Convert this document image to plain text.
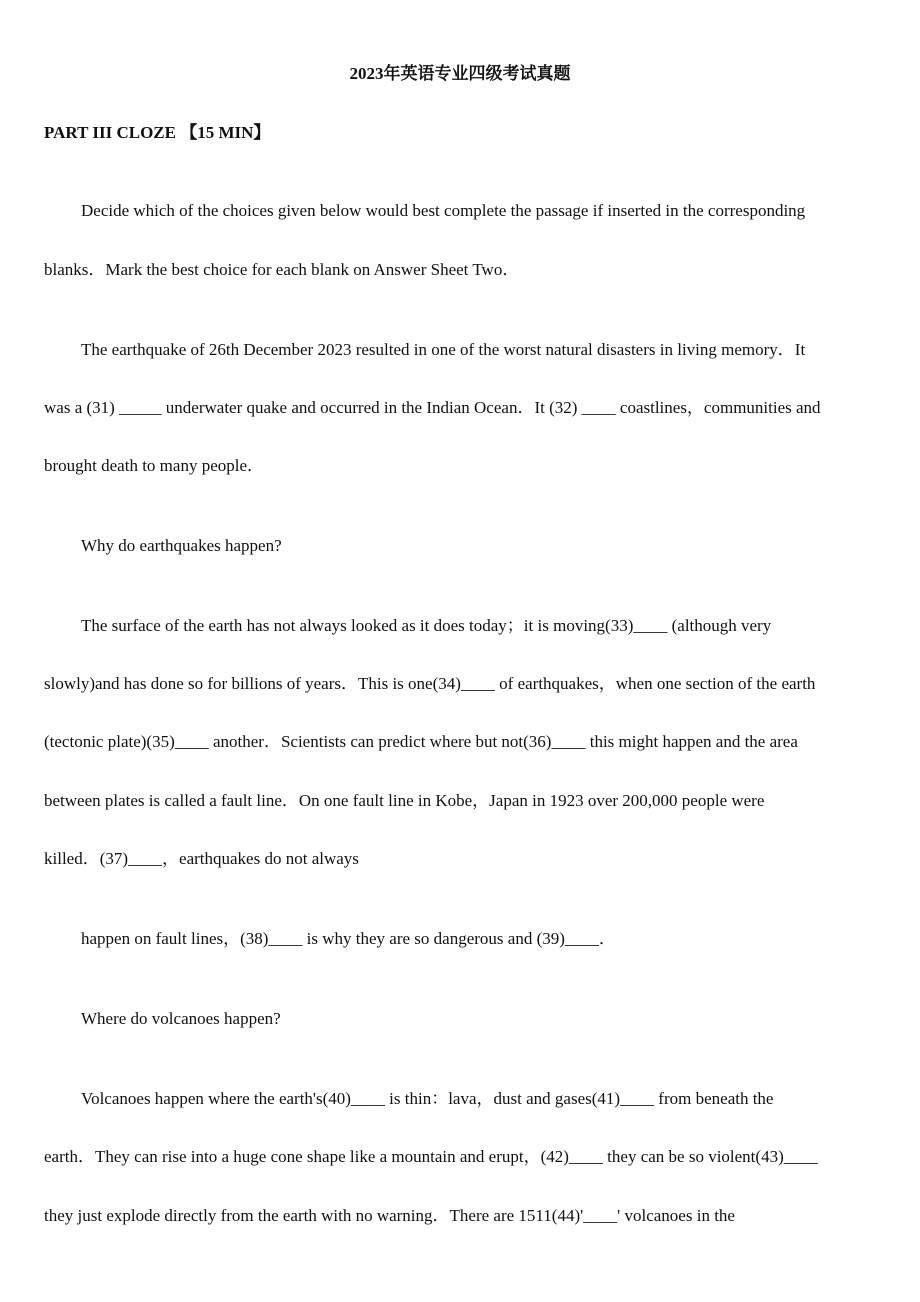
2023年英语专业四级考试真题
PART III CLOZE 【15 MIN】
Decide which of the choices given below would best complete the passage if inserted in the corresponding
blanks．Mark the best choice for each blank on Answer Sheet Two．
The earthquake of 26th December 2023 resulted in one of the worst natural disasters in living memory．It
was a (31) _____ underwater quake and occurred in the Indian Ocean．It (32) ____ coastlines，communities and
brought death to many people．
Why do earthquakes happen?
The surface of the earth has not always looked as it does today；it is moving(33)____ (although very
slowly)and has done so for billions of years．This is one(34)____ of earthquakes，when one section of the earth
(tectonic plate)(35)____ another．Scientists can predict where but not(36)____ this might happen and the area
between plates is called a fault line．On one fault line in Kobe，Japan in 1923 over 200,000 people were
killed．(37)____，earthquakes do not always
happen on fault lines，(38)____ is why they are so dangerous and (39)____．
Where do volcanoes happen?
Volcanoes happen where the earth's(40)____ is thin：lava，dust and gases(41)____ from beneath the
earth．They can rise into a huge cone shape like a mountain and erupt，(42)____ they can be so violent(43)____
they just explode directly from the earth with no warning．There are 1511(44)'____' volcanoes in the
